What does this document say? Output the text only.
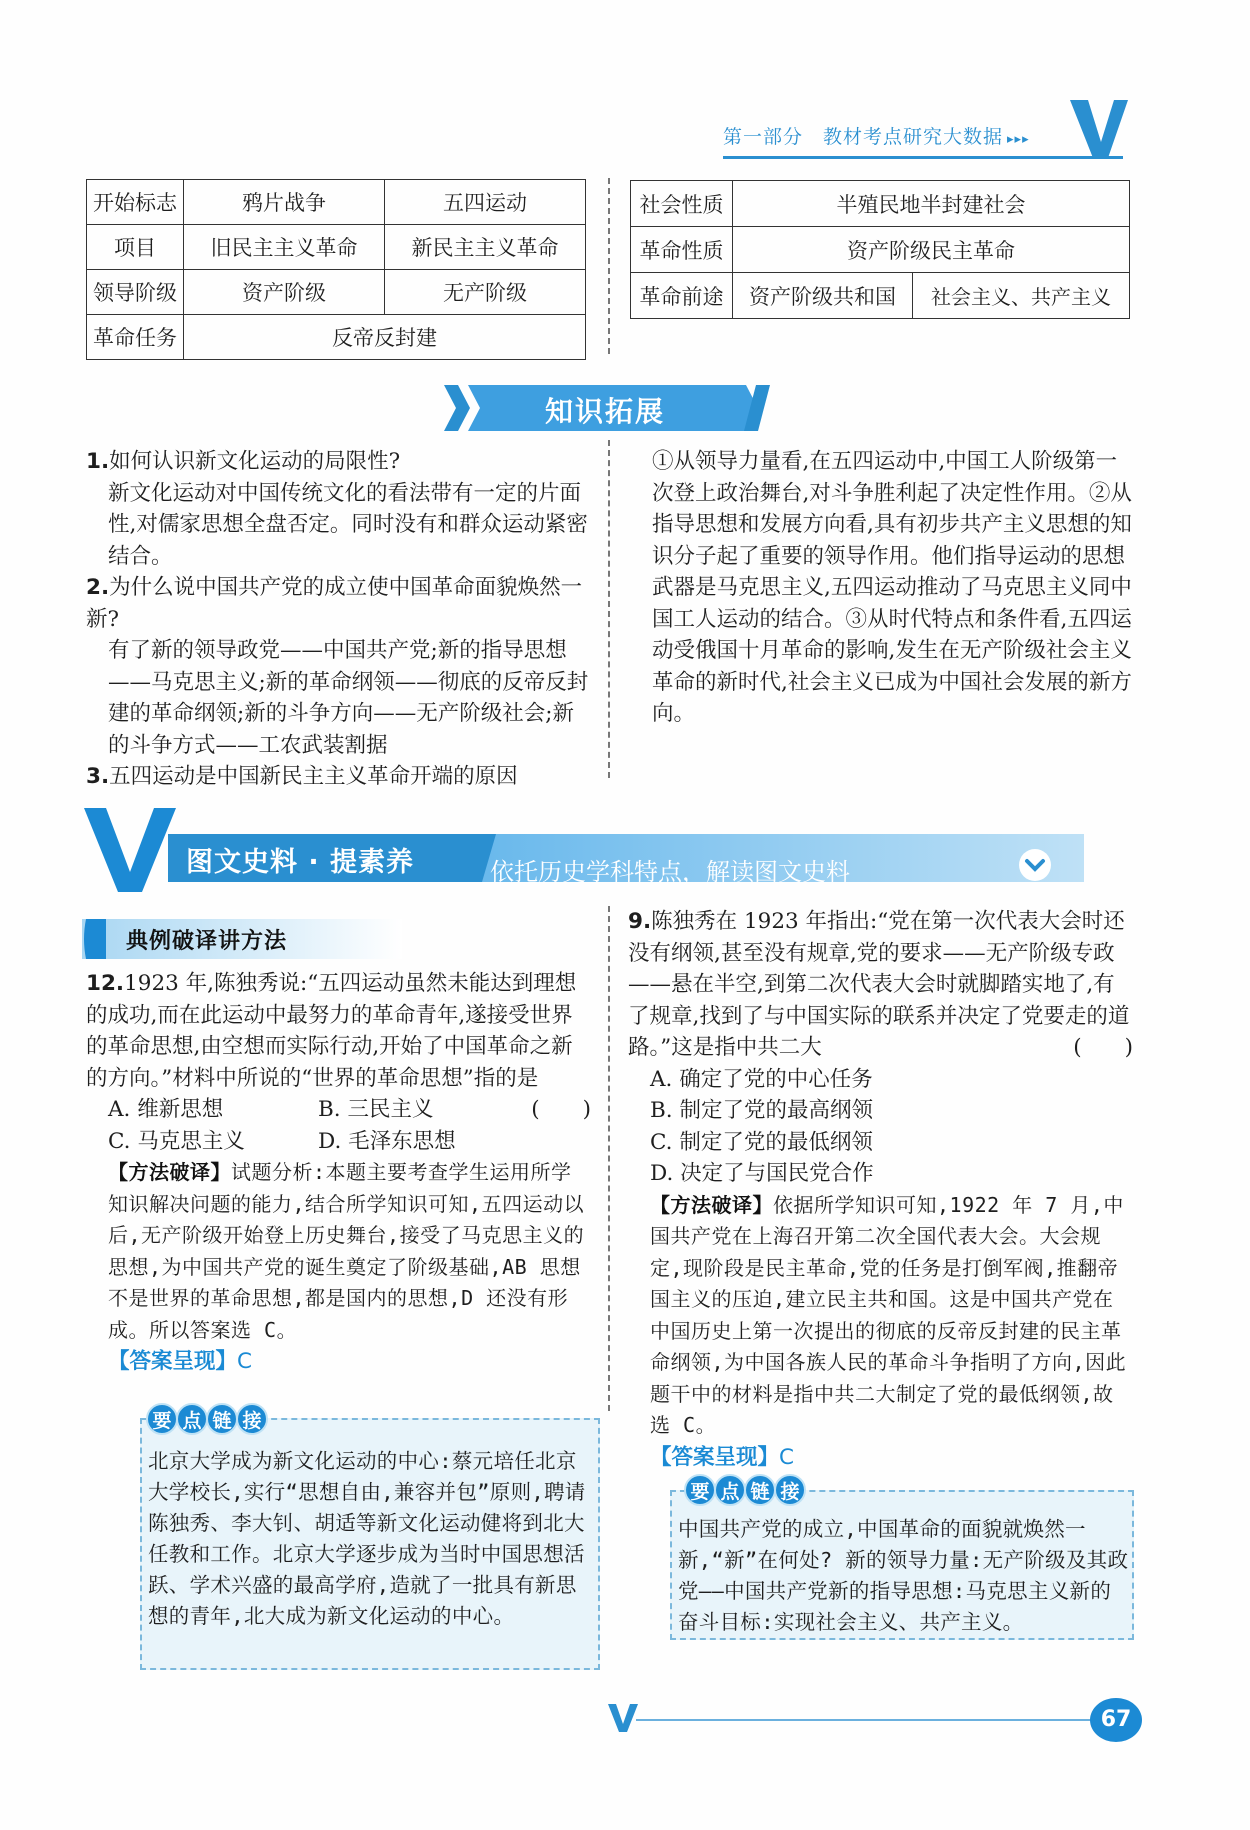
第一部分　教材考点研究大数据 ▸▸▸
开始标志	鸦片战争	五四运动
项目	旧民主主义革命	新民主主义革命
领导阶级	资产阶级	无产阶级
革命任务	反帝反封建	
社会性质	半殖民地半封建社会	
革命性质	资产阶级民主革命	
革命前途	资产阶级共和国	社会主义、共产主义
知识拓展
1.如何认识新文化运动的局限性?
新文化运动对中国传统文化的看法带有一定的片面性,对儒家思想全盘否定。同时没有和群众运动紧密结合。
2.为什么说中国共产党的成立使中国革命面貌焕然一新?
有了新的领导政党——中国共产党;新的指导思想——马克思主义;新的革命纲领——彻底的反帝反封建的革命纲领;新的斗争方向——无产阶级社会;新的斗争方式——工农武装割据
3.五四运动是中国新民主主义革命开端的原因
①从领导力量看,在五四运动中,中国工人阶级第一次登上政治舞台,对斗争胜利起了决定性作用。②从指导思想和发展方向看,具有初步共产主义思想的知识分子起了重要的领导作用。他们指导运动的思想武器是马克思主义,五四运动推动了马克思主义同中国工人运动的结合。③从时代特点和条件看,五四运动受俄国十月革命的影响,发生在无产阶级社会主义革命的新时代,社会主义已成为中国社会发展的新方向。
图文史料 · 提素养	依托历史学科特点，解读图文史料
典例破译讲方法
12.1923 年,陈独秀说:“五四运动虽然未能达到理想的成功,而在此运动中最努力的革命青年,遂接受世界的革命思想,由空想而实际行动,开始了中国革命之新的方向。”材料中所说的“世界的革命思想”指的是
(　　)
A. 维新思想	B. 三民主义
C. 马克思主义	D. 毛泽东思想
【方法破译】试题分析:本题主要考查学生运用所学知识解决问题的能力,结合所学知识可知,五四运动以后,无产阶级开始登上历史舞台,接受了马克思主义的思想,为中国共产党的诞生奠定了阶级基础,AB 思想不是世界的革命思想,都是国内的思想,D 还没有形成。所以答案选 C。
【答案呈现】C
9.陈独秀在 1923 年指出:“党在第一次代表大会时还没有纲领,甚至没有规章,党的要求——无产阶级专政——悬在半空,到第二次代表大会时就脚踏实地了,有了规章,找到了与中国实际的联系并决定了党要走的道路。”这是指中共二大	(　　)
A. 确定了党的中心任务
B. 制定了党的最高纲领
C. 制定了党的最低纲领
D. 决定了与国民党合作
【方法破译】依据所学知识可知,1922 年 7 月,中国共产党在上海召开第二次全国代表大会。大会规定,现阶段是民主革命,党的任务是打倒军阀,推翻帝国主义的压迫,建立民主共和国。这是中国共产党在中国历史上第一次提出的彻底的反帝反封建的民主革命纲领,为中国各族人民的革命斗争指明了方向,因此题干中的材料是指中共二大制定了党的最低纲领,故选 C。
【答案呈现】C
要 点 链 接
北京大学成为新文化运动的中心:蔡元培任北京大学校长,实行“思想自由,兼容并包”原则,聘请陈独秀、李大钊、胡适等新文化运动健将到北大任教和工作。北京大学逐步成为当时中国思想活跃、学术兴盛的最高学府,造就了一批具有新思想的青年,北大成为新文化运动的中心。
要 点 链 接
中国共产党的成立,中国革命的面貌就焕然一新,“新”在何处? 新的领导力量:无产阶级及其政党——中国共产党新的指导思想:马克思主义新的奋斗目标:实现社会主义、共产主义。
67
